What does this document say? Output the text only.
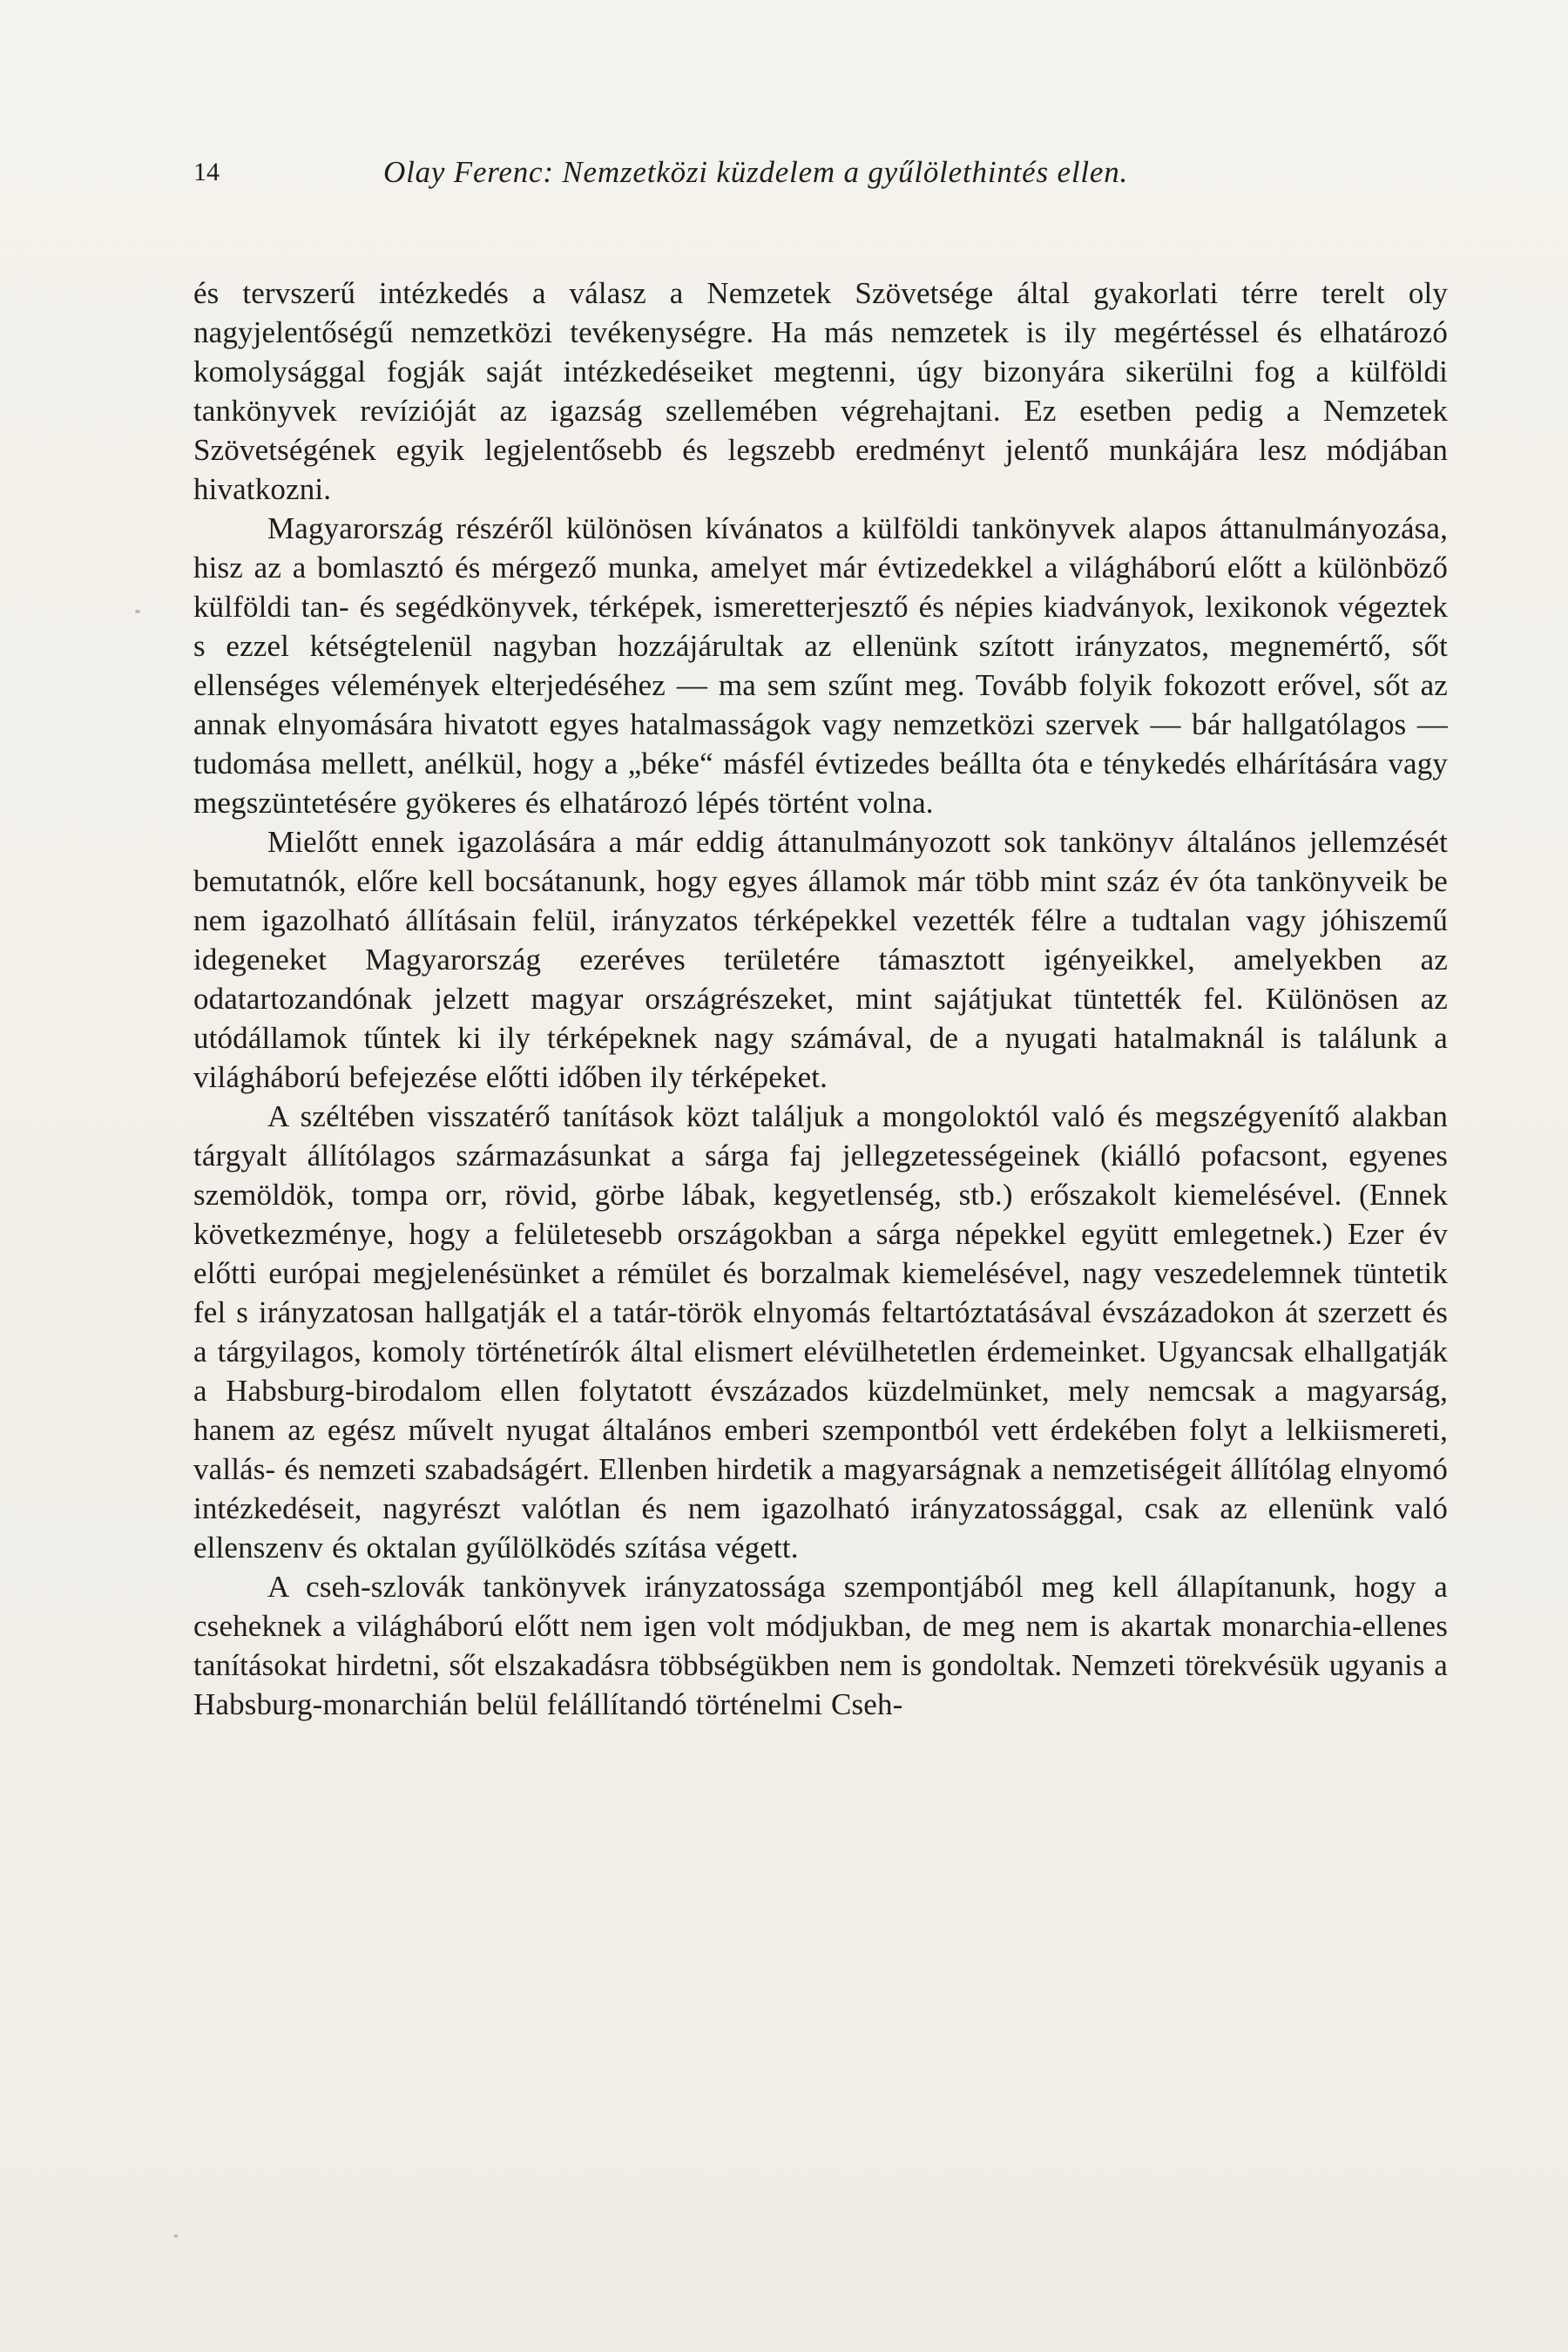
14	Olay Ferenc: Nemzetközi küzdelem a gyűlölethintés ellen.

és tervszerű intézkedés a válasz a Nemzetek Szövetsége által gyakorlati térre terelt oly nagyjelentőségű nemzetközi tevékenységre. Ha más nemzetek is ily megértéssel és elhatározó komolysággal fogják saját intézkedéseiket megtenni, úgy bizonyára sikerülni fog a külföldi tankönyvek revízióját az igazság szellemében végrehajtani. Ez esetben pedig a Nemzetek Szövetségének egyik legjelentősebb és legszebb eredményt jelentő munkájára lesz módjában hivatkozni.

Magyarország részéről különösen kívánatos a külföldi tankönyvek alapos áttanulmányozása, hisz az a bomlasztó és mérgező munka, amelyet már évtizedekkel a világháború előtt a különböző külföldi tan- és segédkönyvek, térképek, ismeretterjesztő és népies kiadványok, lexikonok végeztek s ezzel kétségtelenül nagyban hozzájárultak az ellenünk szított irányzatos, megnemértő, sőt ellenséges vélemények elterjedéséhez — ma sem szűnt meg. Tovább folyik fokozott erővel, sőt az annak elnyomására hivatott egyes hatalmasságok vagy nemzetközi szervek — bár hallgatólagos — tudomása mellett, anélkül, hogy a „béke“ másfél évtizedes beállta óta e ténykedés elhárítására vagy megszüntetésére gyökeres és elhatározó lépés történt volna.

Mielőtt ennek igazolására a már eddig áttanulmányozott sok tankönyv általános jellemzését bemutatnók, előre kell bocsátanunk, hogy egyes államok már több mint száz év óta tankönyveik be nem igazolható állításain felül, irányzatos térképekkel vezették félre a tudtalan vagy jóhiszemű idegeneket Magyarország ezeréves területére támasztott igényeikkel, amelyekben az odatartozandónak jelzett magyar országrészeket, mint sajátjukat tüntették fel. Különösen az utódállamok tűntek ki ily térképeknek nagy számával, de a nyugati hatalmaknál is találunk a világháború befejezése előtti időben ily térképeket.

A széltében visszatérő tanítások közt találjuk a mongoloktól való és megszégyenítő alakban tárgyalt állítólagos származásunkat a sárga faj jellegzetességeinek (kiálló pofacsont, egyenes szemöldök, tompa orr, rövid, görbe lábak, kegyetlenség, stb.) erőszakolt kiemelésével. (Ennek következménye, hogy a felületesebb országokban a sárga népekkel együtt emlegetnek.) Ezer év előtti európai megjelenésünket a rémület és borzalmak kiemelésével, nagy veszedelemnek tüntetik fel s irányzatosan hallgatják el a tatár-török elnyomás feltartóztatásával évszázadokon át szerzett és a tárgyilagos, komoly történetírók által elismert elévülhetetlen érdemeinket. Ugyancsak elhallgatják a Habsburg-birodalom ellen folytatott évszázados küzdelmünket, mely nemcsak a magyarság, hanem az egész művelt nyugat általános emberi szempontból vett érdekében folyt a lelkiismereti, vallás- és nemzeti szabadságért. Ellenben hirdetik a magyarságnak a nemzetiségeit állítólag elnyomó intézkedéseit, nagyrészt valótlan és nem igazolható irányzatossággal, csak az ellenünk való ellenszenv és oktalan gyűlölködés szítása végett.

A cseh-szlovák tankönyvek irányzatossága szempontjából meg kell állapítanunk, hogy a cseheknek a világháború előtt nem igen volt módjukban, de meg nem is akartak monarchia-ellenes tanításokat hirdetni, sőt elszakadásra többségükben nem is gondoltak. Nemzeti törekvésük ugyanis a Habsburg-monarchián belül felállítandó történelmi Cseh-
